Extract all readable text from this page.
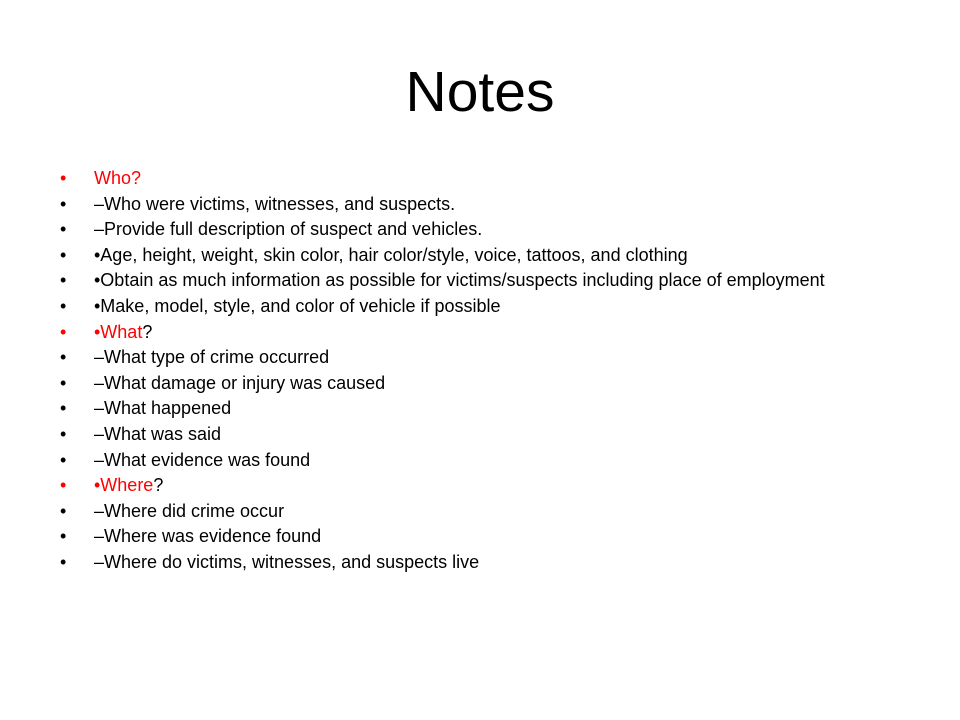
Notes
• Who?
• –Who were victims, witnesses, and suspects.
• –Provide full description of suspect and vehicles.
• •Age, height, weight, skin color, hair color/style, voice, tattoos, and clothing
• •Obtain as much information as possible for victims/suspects including place of employment
• •Make, model, style, and color of vehicle if possible
• •What?
• –What type of crime occurred
• –What damage or injury was caused
• –What happened
• –What was said
• –What evidence was found
• •Where?
• –Where did crime occur
• –Where was evidence found
• –Where do victims, witnesses, and suspects live
